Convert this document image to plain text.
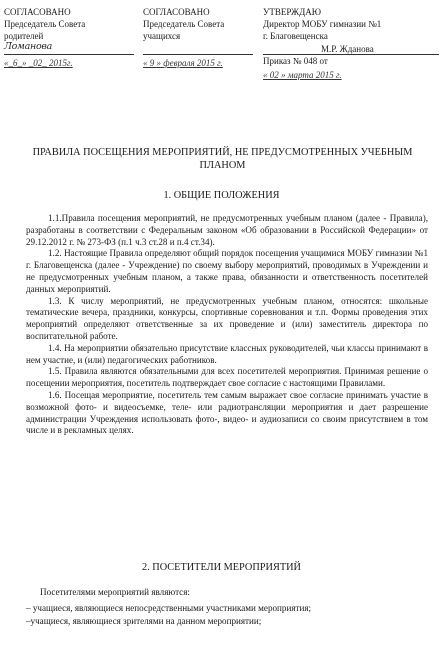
СОГЛАСОВАНО
Председатель Совета
родителей
Ломанова
«_6_» _02_ 2015г.
СОГЛАСОВАНО
Председатель Совета
учащихся
« 9 » февраля 2015 г.
УТВЕРЖДАЮ
Директор МОБУ гимназии №1
г. Благовещенска
М.Р. Жданова
Приказ № 048 от
« 02 » марта 2015 г.
ПРАВИЛА ПОСЕЩЕНИЯ МЕРОПРИЯТИЙ, НЕ ПРЕДУСМОТРЕННЫХ УЧЕБНЫМ ПЛАНОМ
1. ОБЩИЕ ПОЛОЖЕНИЯ

1.1.Правила посещения мероприятий, не предусмотренных учебным планом (далее - Правила), разработаны в соответствии с Федеральным законом «Об образовании в Российской Федерации» от 29.12.2012 г. № 273-ФЗ (п.1 ч.3 ст.28 и п.4 ст.34).

1.2. Настоящие Правила определяют общий порядок посещения учащимися МОБУ гимназии №1 г. Благовещенска (далее - Учреждение) по своему выбору мероприятий, проводимых в Учреждении и не предусмотренных учебным планом, а также права, обязанности и ответственность посетителей данных мероприятий.

1.3. К числу мероприятий, не предусмотренных учебным планом, относятся: школьные тематические вечера, праздники, конкурсы, спортивные соревнования и т.п. Формы проведения этих мероприятий определяют ответственные за их проведение и (или) заместитель директора по воспитательной работе.

1.4. На мероприятии обязательно присутствие классных руководителей, чьи классы принимают в нем участие, и (или) педагогических работников.

1.5. Правила являются обязательными для всех посетителей мероприятия. Принимая решение о посещении мероприятия, посетитель подтверждает свое согласие с настоящими Правилами.

1.6. Посещая мероприятие, посетитель тем самым выражает свое согласие принимать участие в возможной фото- и видеосъемке, теле- или радиотрансляции мероприятия и дает разрешение администрации Учреждения использовать фото-, видео- и аудиозаписи со своим присутствием в том числе и в рекламных целях.

2. ПОСЕТИТЕЛИ МЕРОПРИЯТИЙ

Посетителями мероприятий являются:

– учащиеся, являющиеся непосредственными участниками мероприятия;
–учащиеся, являющиеся зрителями на данном мероприятии;
